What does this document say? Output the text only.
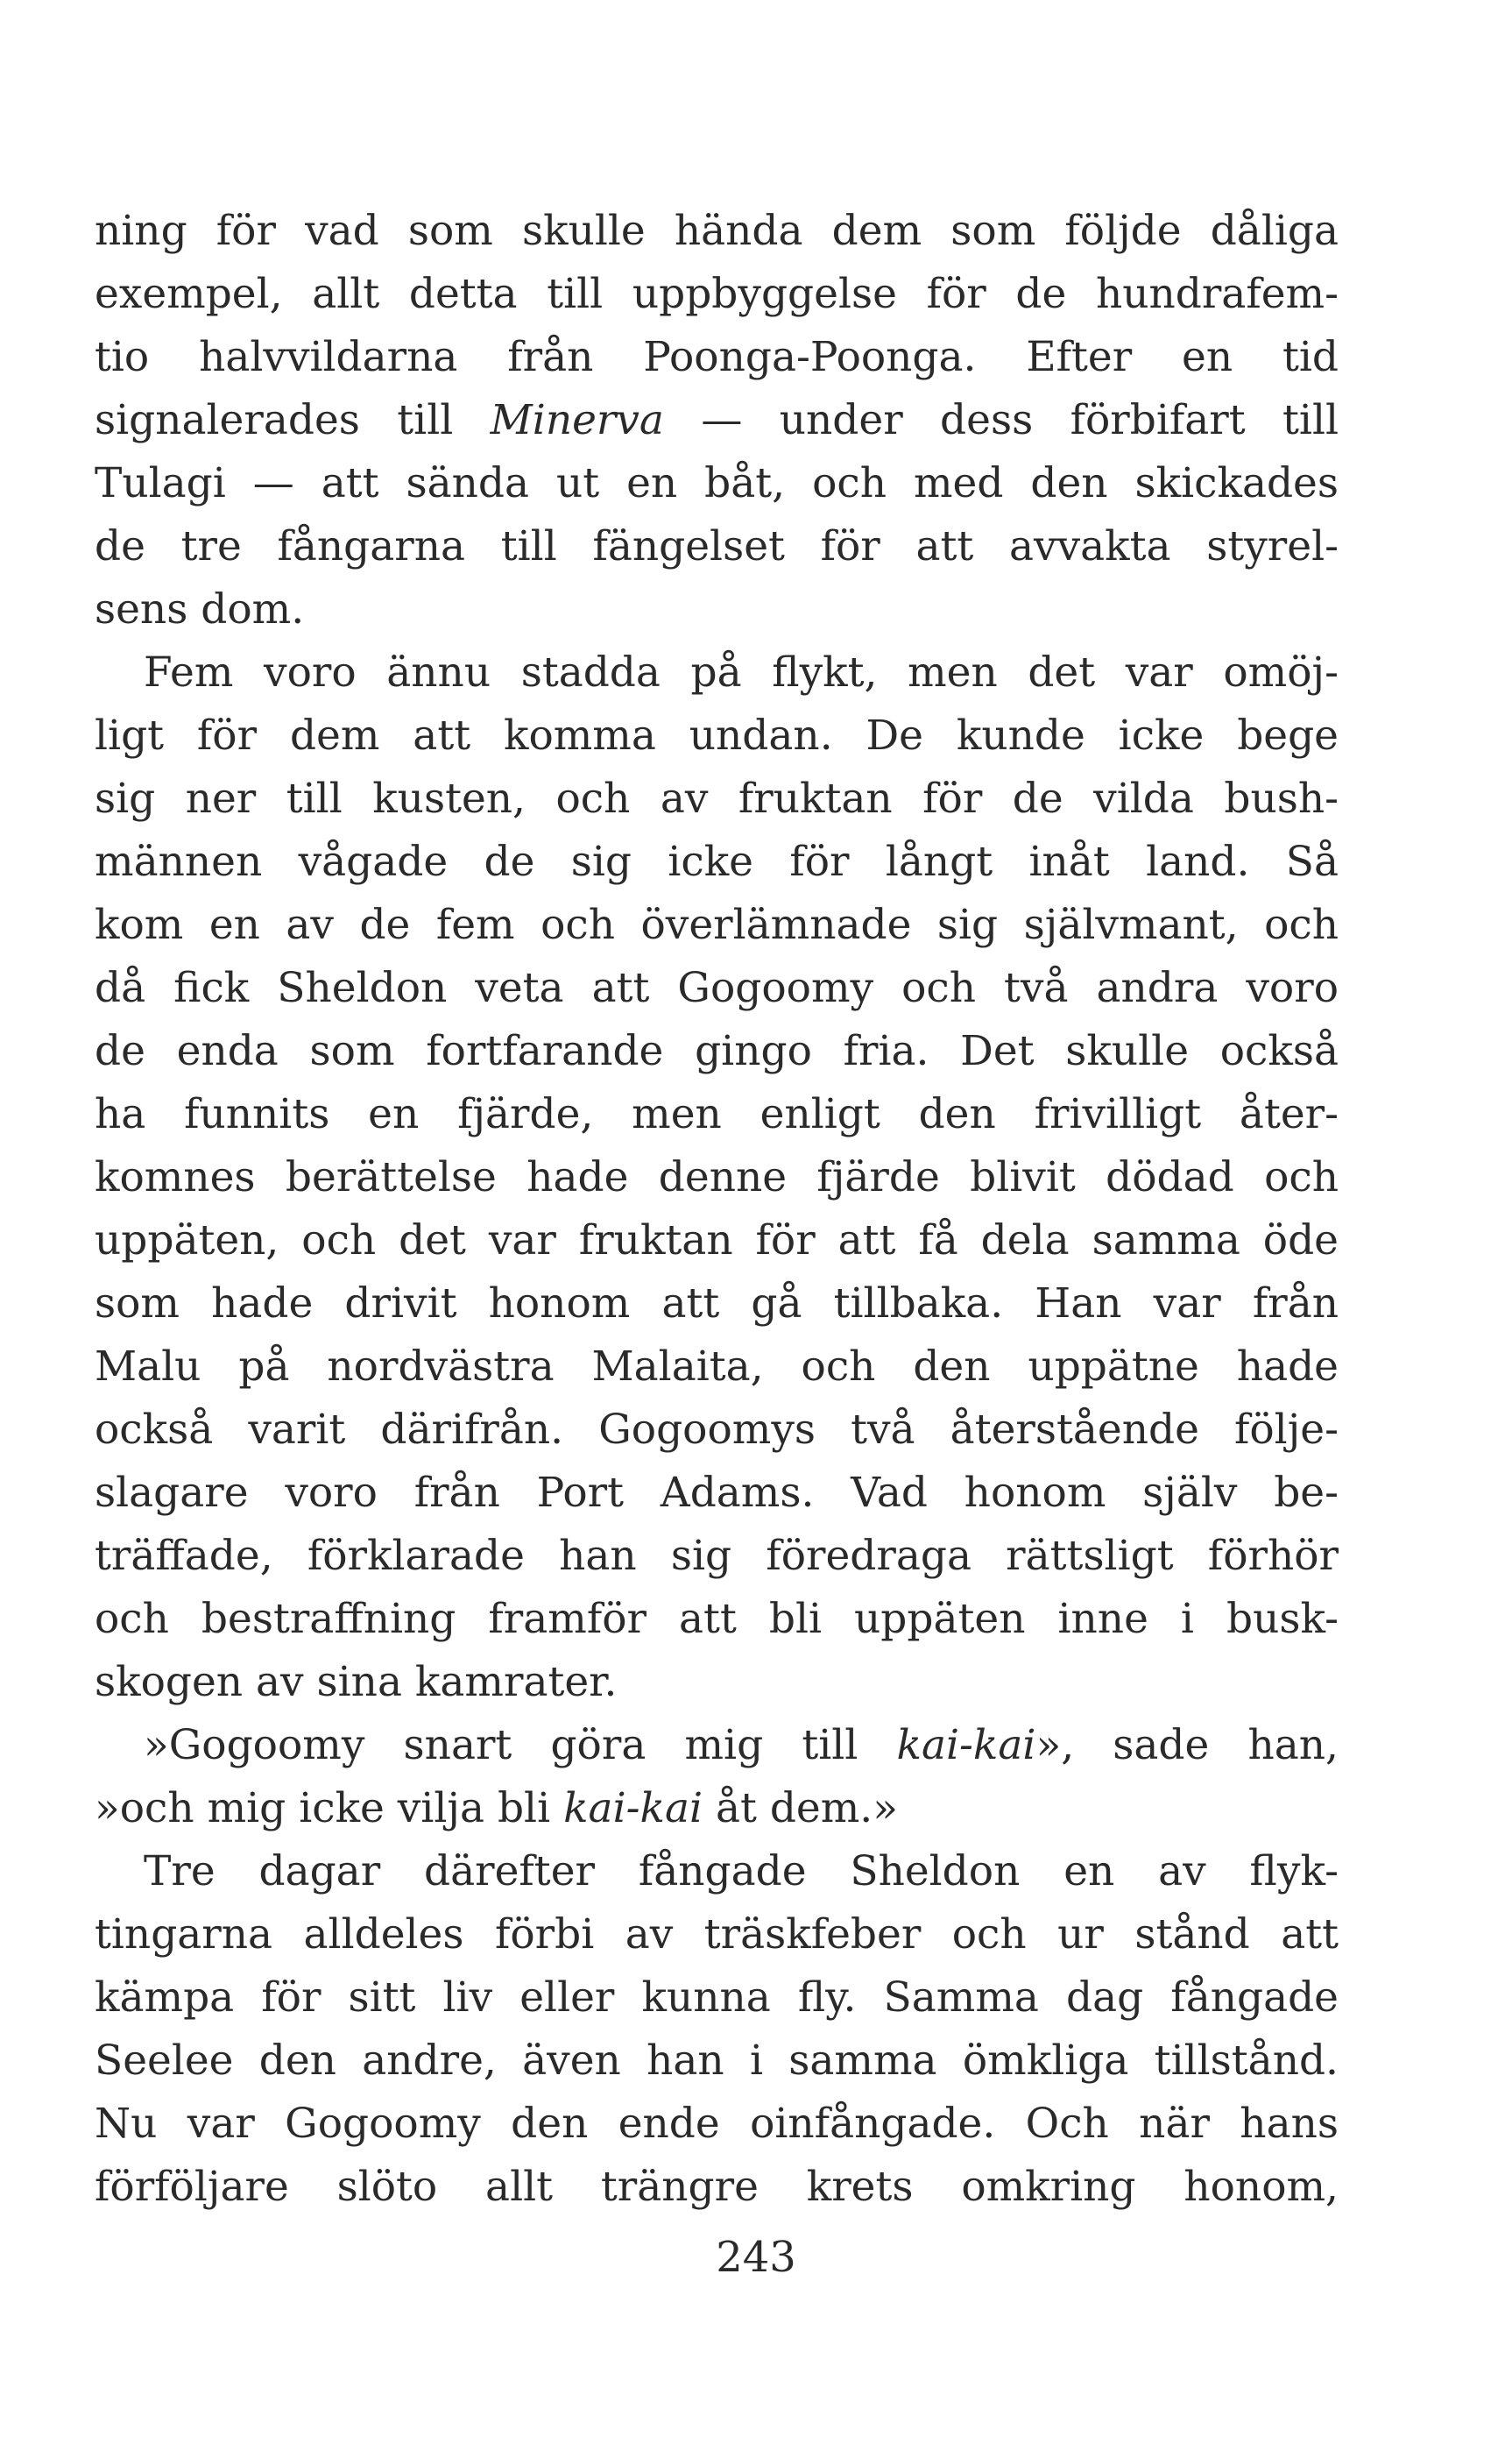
ning för vad som skulle hända dem som följde dåliga
exempel, allt detta till uppbyggelse för de hundrafem-
tio halvvildarna från Poonga-Poonga. Efter en tid
signalerades till Minerva — under dess förbifart till
Tulagi — att sända ut en båt, och med den skickades
de tre fångarna till fängelset för att avvakta styrel-
sens dom.
Fem voro ännu stadda på flykt, men det var omöj-
ligt för dem att komma undan. De kunde icke bege
sig ner till kusten, och av fruktan för de vilda bush-
männen vågade de sig icke för långt inåt land. Så
kom en av de fem och överlämnade sig självmant, och
då fick Sheldon veta att Gogoomy och två andra voro
de enda som fortfarande gingo fria. Det skulle också
ha funnits en fjärde, men enligt den frivilligt åter-
komnes berättelse hade denne fjärde blivit dödad och
uppäten, och det var fruktan för att få dela samma öde
som hade drivit honom att gå tillbaka. Han var från
Malu på nordvästra Malaita, och den uppätne hade
också varit därifrån. Gogoomys två återstående följe-
slagare voro från Port Adams. Vad honom själv be-
träffade, förklarade han sig föredraga rättsligt förhör
och bestraffning framför att bli uppäten inne i busk-
skogen av sina kamrater.
»Gogoomy snart göra mig till kai-kai», sade han,
»och mig icke vilja bli kai-kai åt dem.»
Tre dagar därefter fångade Sheldon en av flyk-
tingarna alldeles förbi av träskfeber och ur stånd att
kämpa för sitt liv eller kunna fly. Samma dag fångade
Seelee den andre, även han i samma ömkliga tillstånd.
Nu var Gogoomy den ende oinfångade. Och när hans
förföljare slöto allt trängre krets omkring honom,
243
